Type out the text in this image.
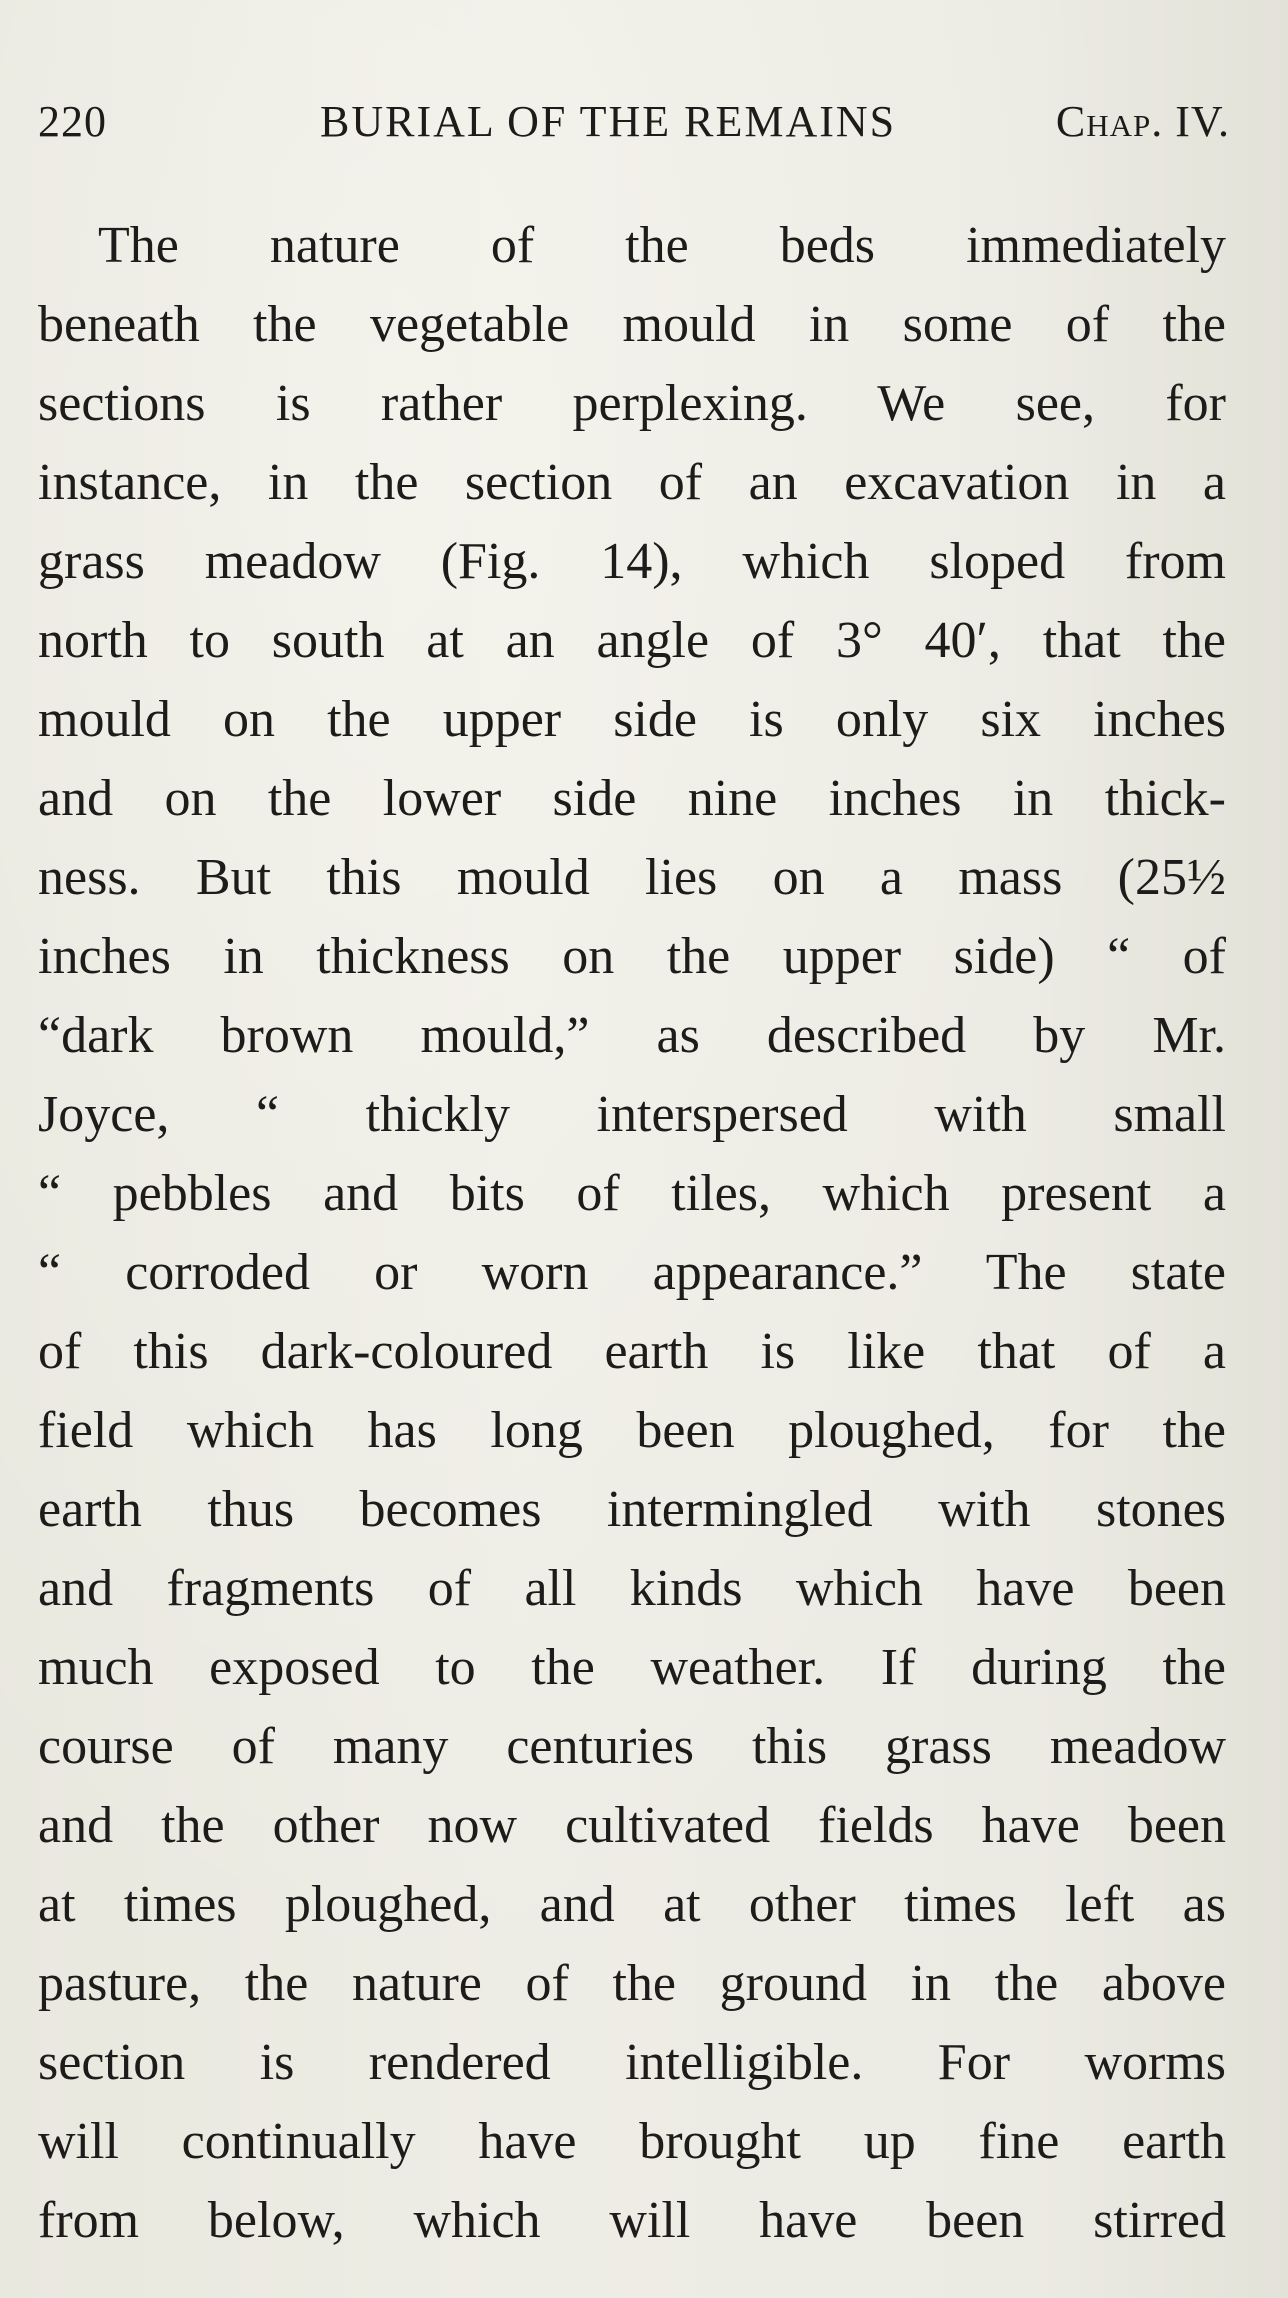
220	BURIAL OF THE REMAINS	Chap. IV.
The nature of the beds immediately
beneath the vegetable mould in some of the
sections is rather perplexing. We see, for
instance, in the section of an excavation in a
grass meadow (Fig. 14), which sloped from
north to south at an angle of 3° 40′, that the
mould on the upper side is only six inches
and on the lower side nine inches in thick-
ness. But this mould lies on a mass (25½
inches in thickness on the upper side) “ of
“dark brown mould,” as described by Mr.
Joyce, “ thickly interspersed with small
“ pebbles and bits of tiles, which present a
“ corroded or worn appearance.” The state
of this dark-coloured earth is like that of a
field which has long been ploughed, for the
earth thus becomes intermingled with stones
and fragments of all kinds which have been
much exposed to the weather. If during the
course of many centuries this grass meadow
and the other now cultivated fields have been
at times ploughed, and at other times left as
pasture, the nature of the ground in the above
section is rendered intelligible. For worms
will continually have brought up fine earth
from below, which will have been stirred
